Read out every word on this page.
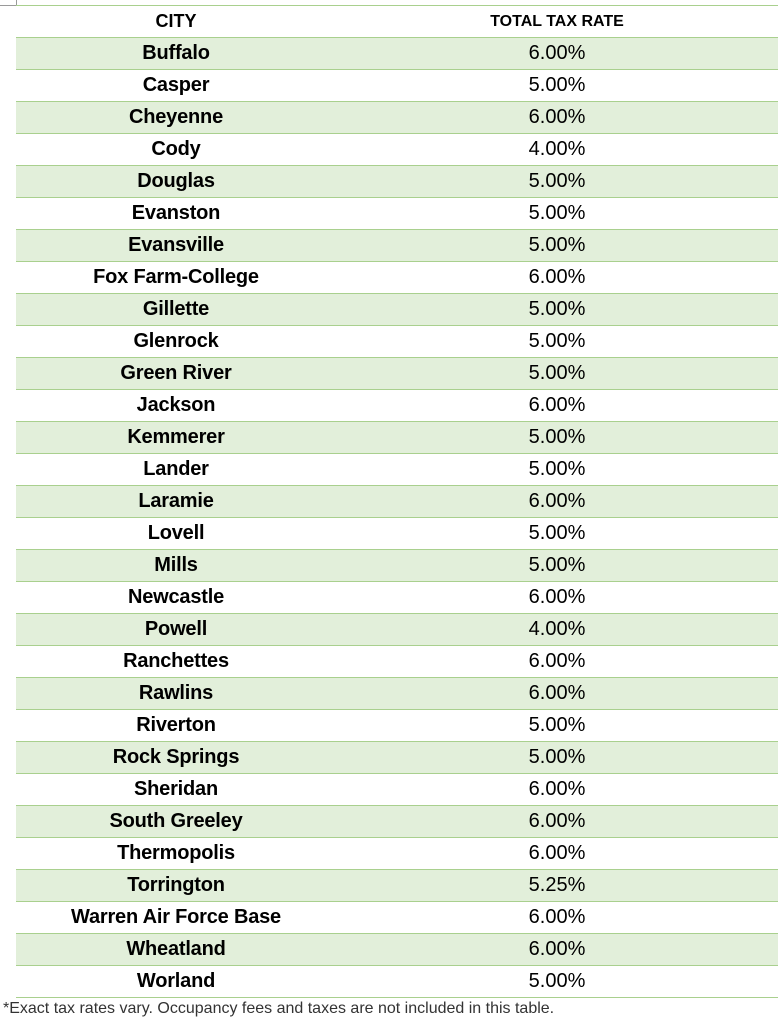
CITY	TOTAL TAX RATE
Buffalo	6.00%
Casper	5.00%
Cheyenne	6.00%
Cody	4.00%
Douglas	5.00%
Evanston	5.00%
Evansville	5.00%
Fox Farm-College	6.00%
Gillette	5.00%
Glenrock	5.00%
Green River	5.00%
Jackson	6.00%
Kemmerer	5.00%
Lander	5.00%
Laramie	6.00%
Lovell	5.00%
Mills	5.00%
Newcastle	6.00%
Powell	4.00%
Ranchettes	6.00%
Rawlins	6.00%
Riverton	5.00%
Rock Springs	5.00%
Sheridan	6.00%
South Greeley	6.00%
Thermopolis	6.00%
Torrington	5.25%
Warren Air Force Base	6.00%
Wheatland	6.00%
Worland	5.00%
*Exact tax rates vary. Occupancy fees and taxes are not included in this table.
